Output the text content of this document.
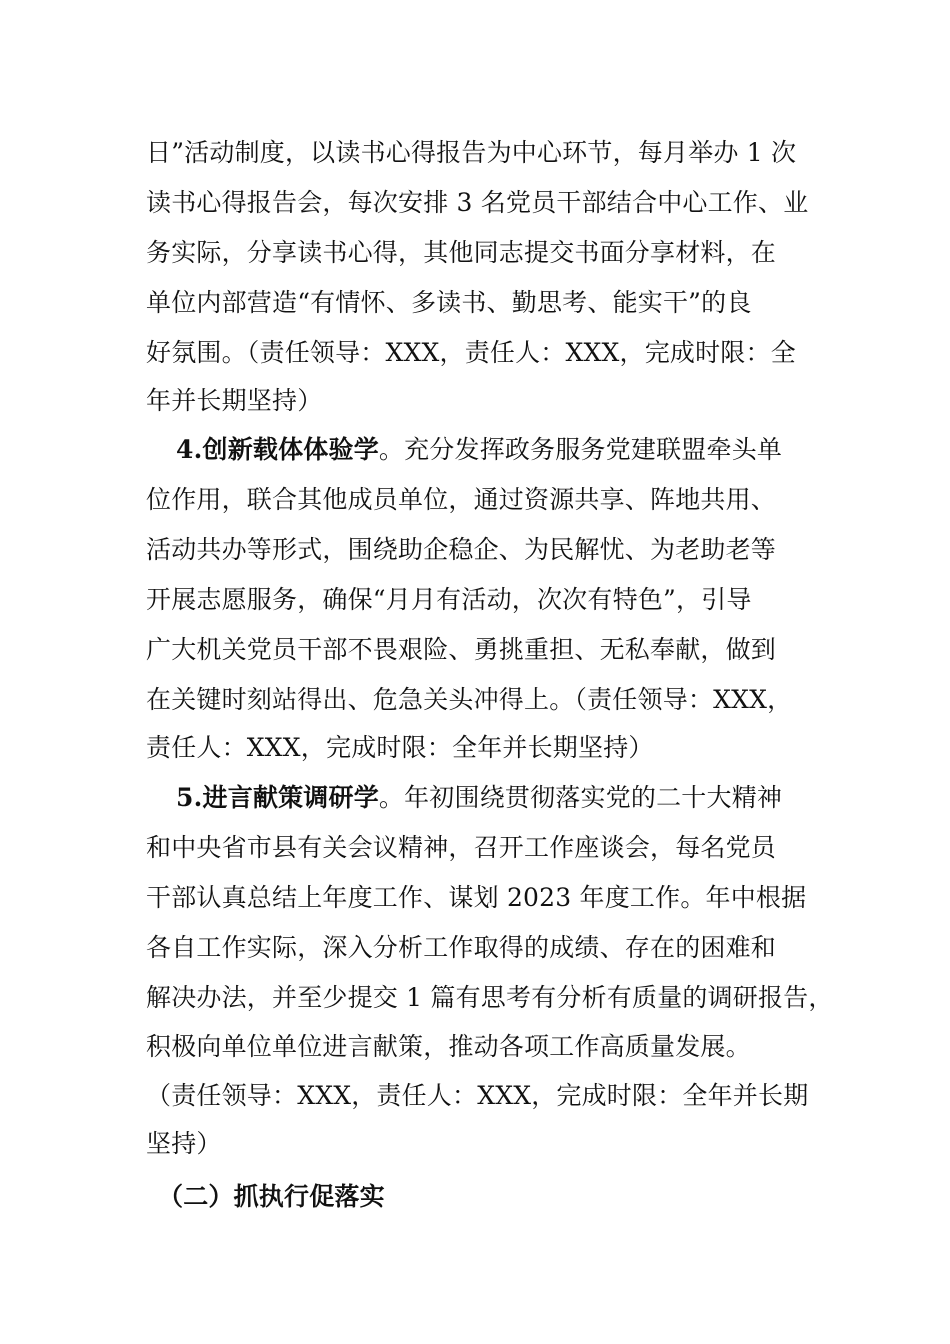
日”活动制度，以读书心得报告为中心环节，每月举办 1 次
读书心得报告会，每次安排 3 名党员干部结合中心工作、业
务实际，分享读书心得，其他同志提交书面分享材料，在
单位内部营造“有情怀、多读书、勤思考、能实干”的良
好氛围。（责任领导：XXX，责任人：XXX，完成时限：全
年并长期坚持）
4.创新载体体验学。充分发挥政务服务党建联盟牵头单
位作用，联合其他成员单位，通过资源共享、阵地共用、
活动共办等形式，围绕助企稳企、为民解忧、为老助老等
开展志愿服务，确保“月月有活动，次次有特色”，引导
广大机关党员干部不畏艰险、勇挑重担、无私奉献，做到
在关键时刻站得出、危急关头冲得上。（责任领导：XXX，
责任人：XXX，完成时限：全年并长期坚持）
5.进言献策调研学。年初围绕贯彻落实党的二十大精神
和中央省市县有关会议精神，召开工作座谈会，每名党员
干部认真总结上年度工作、谋划 2023 年度工作。年中根据
各自工作实际，深入分析工作取得的成绩、存在的困难和
解决办法，并至少提交 1 篇有思考有分析有质量的调研报告，
积极向单位单位进言献策，推动各项工作高质量发展。
（责任领导：XXX，责任人：XXX，完成时限：全年并长期
坚持）
（二）抓执行促落实
